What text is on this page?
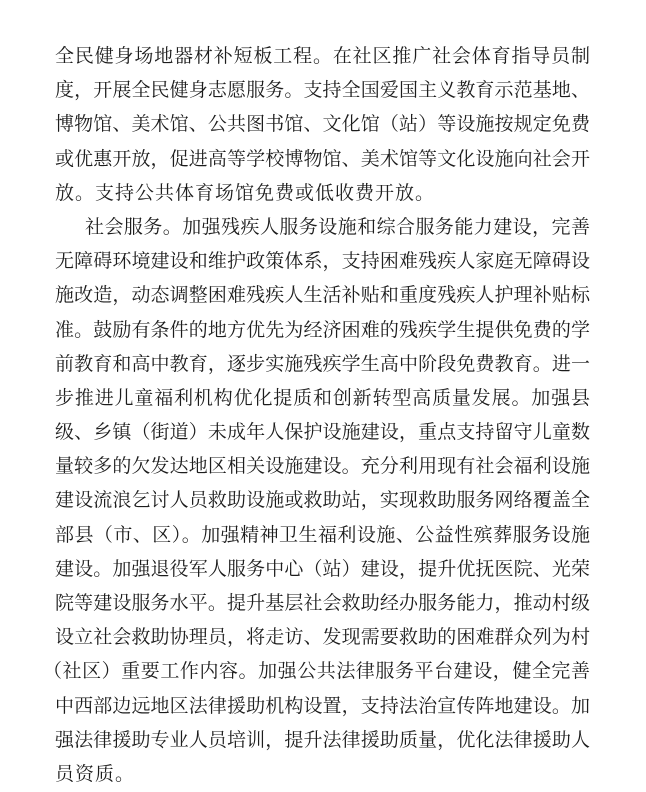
全民健身场地器材补短板工程。在社区推广社会体育指导员制
度，开展全民健身志愿服务。支持全国爱国主义教育示范基地、
博物馆、美术馆、公共图书馆、文化馆（站）等设施按规定免费
或优惠开放，促进高等学校博物馆、美术馆等文化设施向社会开
放。支持公共体育场馆免费或低收费开放。
社会服务。加强残疾人服务设施和综合服务能力建设，完善
无障碍环境建设和维护政策体系，支持困难残疾人家庭无障碍设
施改造，动态调整困难残疾人生活补贴和重度残疾人护理补贴标
准。鼓励有条件的地方优先为经济困难的残疾学生提供免费的学
前教育和高中教育，逐步实施残疾学生高中阶段免费教育。进一
步推进儿童福利机构优化提质和创新转型高质量发展。加强县
级、乡镇（街道）未成年人保护设施建设，重点支持留守儿童数
量较多的欠发达地区相关设施建设。充分利用现有社会福利设施
建设流浪乞讨人员救助设施或救助站，实现救助服务网络覆盖全
部县（市、区）。加强精神卫生福利设施、公益性殡葬服务设施
建设。加强退役军人服务中心（站）建设，提升优抚医院、光荣
院等建设服务水平。提升基层社会救助经办服务能力，推动村级
设立社会救助协理员，将走访、发现需要救助的困难群众列为村
（社区）重要工作内容。加强公共法律服务平台建设，健全完善
中西部边远地区法律援助机构设置，支持法治宣传阵地建设。加
强法律援助专业人员培训，提升法律援助质量，优化法律援助人
员资质。
